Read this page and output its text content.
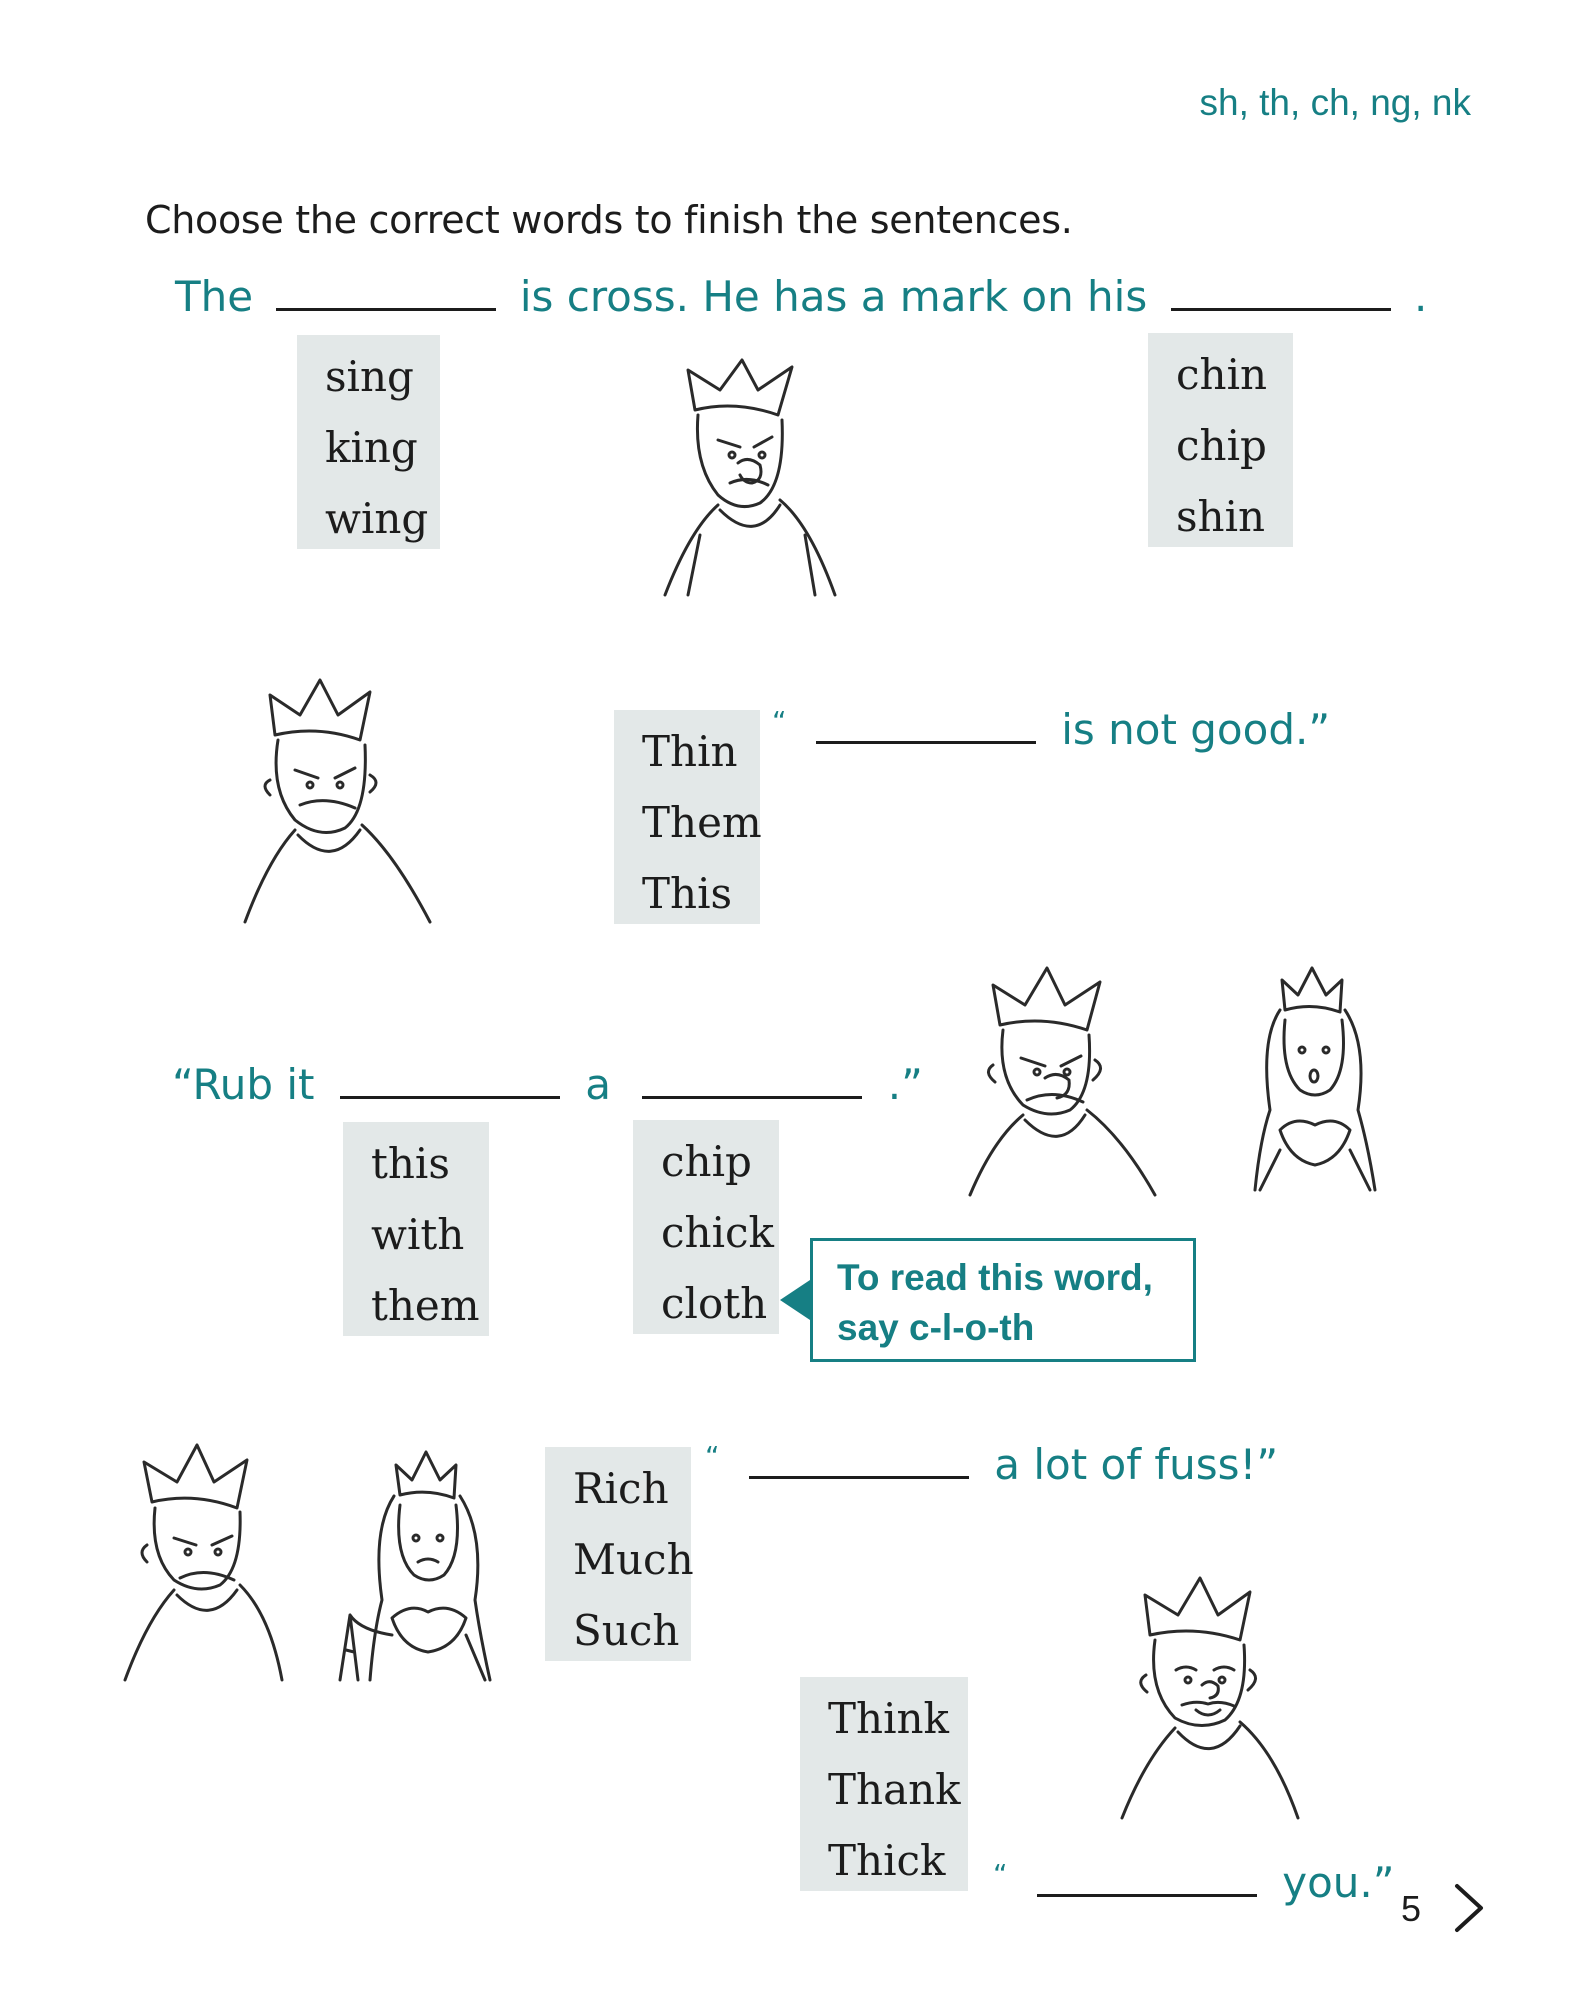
sh, th, ch, ng, nk
Choose the correct words to finish the sentences.
The	is cross. He has a mark on his	.
sing
king
wing
chin
chip
shin
Thin
Them
This
“	is not good.”
“Rub it	a	.”
this
with
them
chip
chick
cloth
To read this word,
say c-l-o-th
Rich
Much
Such
“	a lot of fuss!”
Think
Thank
Thick	“	you.”
5
